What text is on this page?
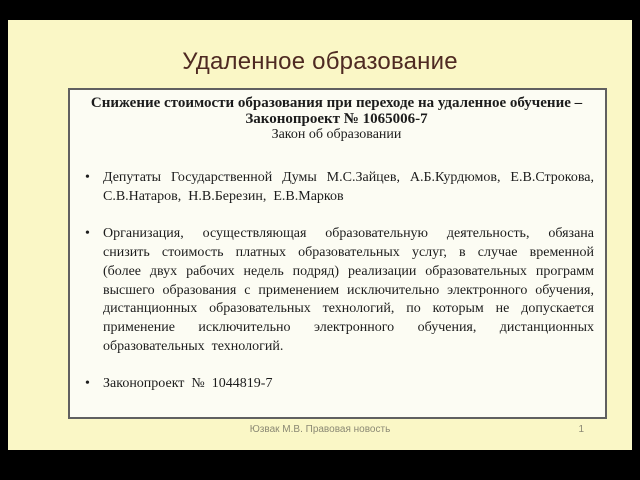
Удаленное образование
Снижение стоимости образования при переходе на удаленное обучение – Законопроект № 1065006-7
Закон об образовании
• Депутаты Государственной Думы М.С.Зайцев, А.Б.Курдюмов, Е.В.Строкова, С.В.Натаров, Н.В.Березин, Е.В.Марков
• Организация, осуществляющая образовательную деятельность, обязана снизить стоимость платных образовательных услуг, в случае временной (более двух рабочих недель подряд) реализации образовательных программ высшего образования с применением исключительно электронного обучения, дистанционных образовательных технологий, по которым не допускается применение исключительно электронного обучения, дистанционных образовательных технологий.
• Законопроект № 1044819-7
Юзвак М.В. Правовая новость	1
